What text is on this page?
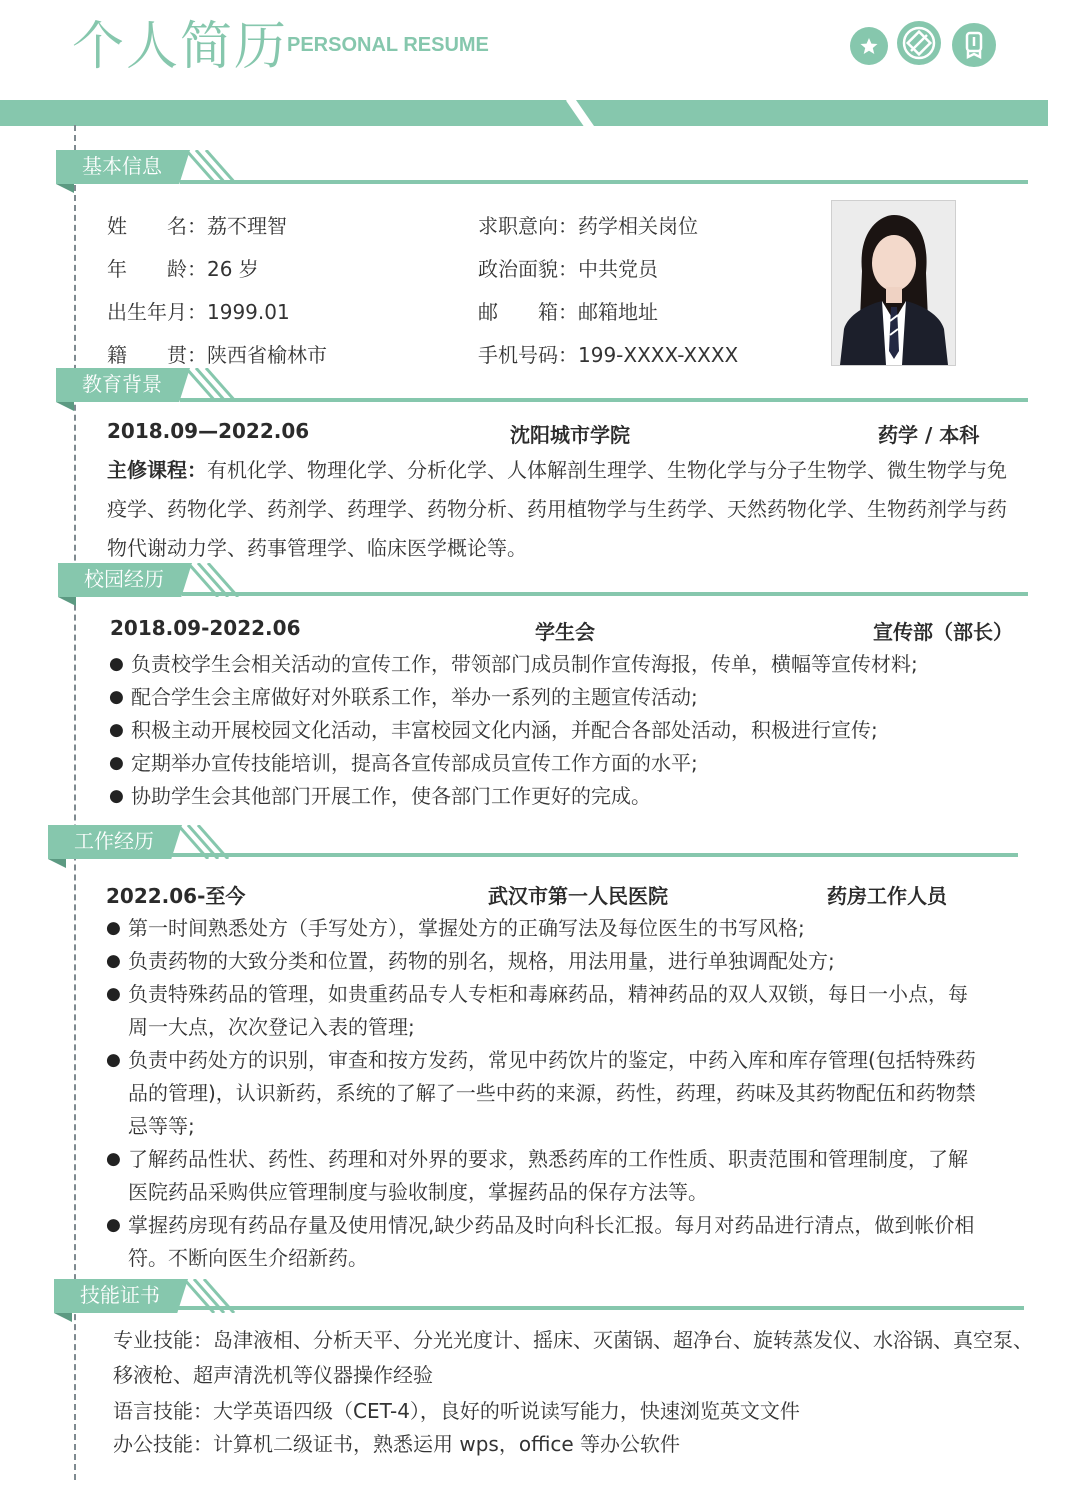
个人简历
PERSONAL RESUME
基本信息
姓　　名：荔不理智
年　　龄：26 岁
出生年月：1999.01
籍　　贯：陕西省榆林市
求职意向：药学相关岗位
政治面貌：中共党员
邮　　箱：邮箱地址
手机号码：199-XXXX-XXXX
教育背景
2018.09—2022.06	沈阳城市学院	药学 / 本科
主修课程：有机化学、物理化学、分析化学、人体解剖生理学、生物化学与分子生物学、微生物学与免疫学、药物化学、药剂学、药理学、药物分析、药用植物学与生药学、天然药物化学、生物药剂学与药物代谢动力学、药事管理学、临床医学概论等。
校园经历
2018.09-2022.06	学生会	宣传部（部长）
● 负责校学生会相关活动的宣传工作，带领部门成员制作宣传海报，传单，横幅等宣传材料;
● 配合学生会主席做好对外联系工作，举办一系列的主题宣传活动;
● 积极主动开展校园文化活动，丰富校园文化内涵，并配合各部处活动，积极进行宣传;
● 定期举办宣传技能培训，提高各宣传部成员宣传工作方面的水平;
● 协助学生会其他部门开展工作，使各部门工作更好的完成。
工作经历
2022.06-至今	武汉市第一人民医院	药房工作人员
● 第一时间熟悉处方（手写处方），掌握处方的正确写法及每位医生的书写风格;
● 负责药物的大致分类和位置，药物的别名，规格，用法用量，进行单独调配处方;
● 负责特殊药品的管理，如贵重药品专人专柜和毒麻药品，精神药品的双人双锁，每日一小点，每周一大点，次次登记入表的管理;
● 负责中药处方的识别，审查和按方发药，常见中药饮片的鉴定，中药入库和库存管理(包括特殊药品的管理)，认识新药，系统的了解了一些中药的来源，药性，药理，药味及其药物配伍和药物禁忌等等;
● 了解药品性状、药性、药理和对外界的要求，熟悉药库的工作性质、职责范围和管理制度，了解医院药品采购供应管理制度与验收制度，掌握药品的保存方法等。
● 掌握药房现有药品存量及使用情况,缺少药品及时向科长汇报。每月对药品进行清点，做到帐价相符。不断向医生介绍新药。
技能证书
专业技能：岛津液相、分析天平、分光光度计、摇床、灭菌锅、超净台、旋转蒸发仪、水浴锅、真空泵、移液枪、超声清洗机等仪器操作经验
语言技能：大学英语四级（CET-4），良好的听说读写能力，快速浏览英文文件
办公技能：计算机二级证书，熟悉运用 wps，office 等办公软件
